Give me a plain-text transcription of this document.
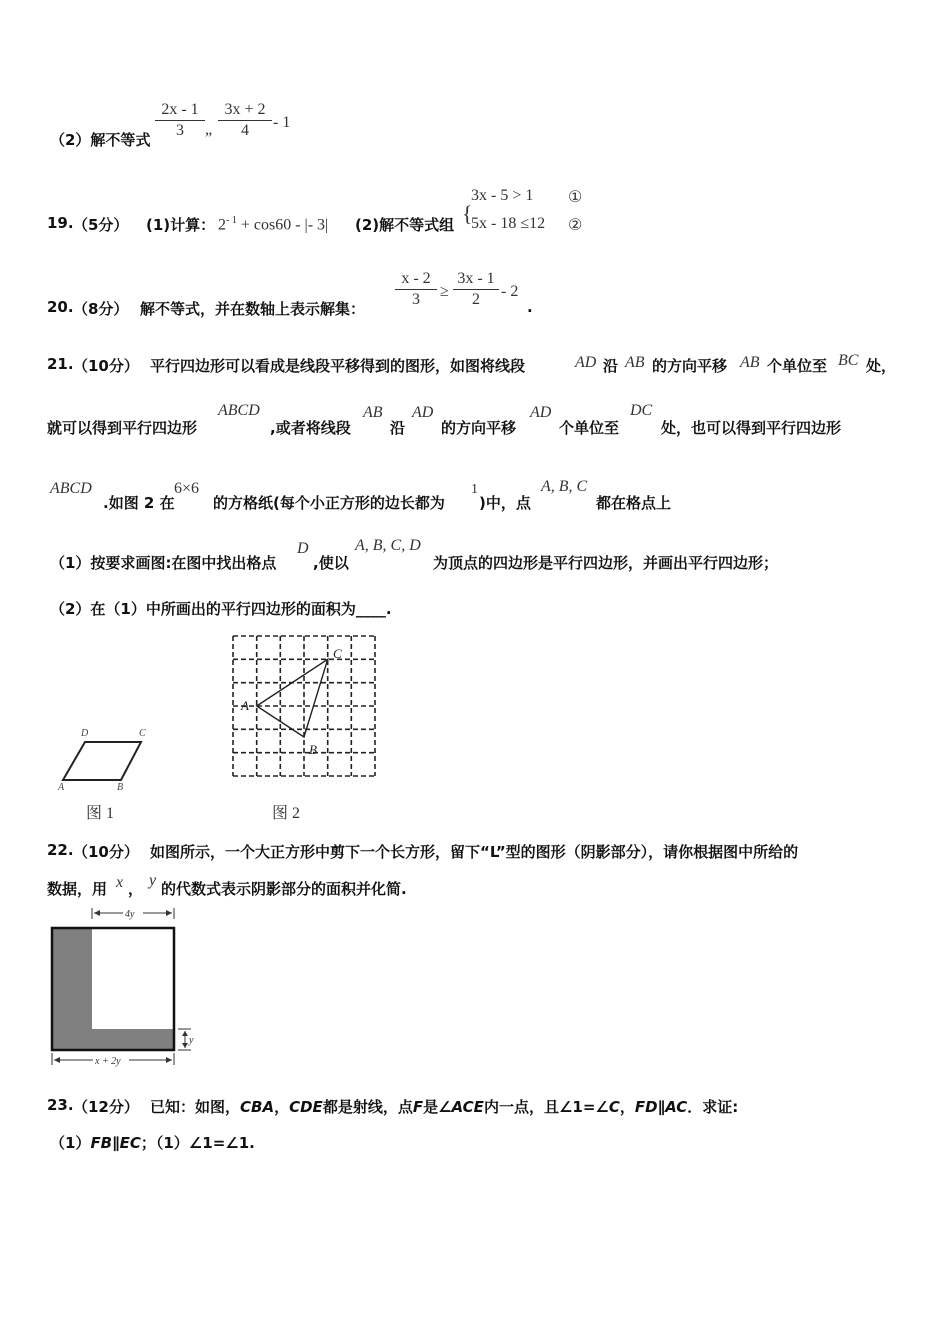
（2）解不等式
2x - 1
3	„
3x + 2
4	- 1
19. （5分） (1)计算： $2^{- 1} + \cos 60$ - |- 3| (2)解不等式组 {
3x - 5 > 1 ①
5x - 18 ≤12 ②
20. （8分） 解不等式，并在数轴上表示解集：
x - 2
3	≥
3x - 1
2	- 2
.
21. （10分） 平行四边形可以看成是线段平移得到的图形，如图将线段	AD 沿 AB 的方向平移 AB 个单位至 BC 处，
就可以得到平行四边形
ABCD
,或者将线段
AB
沿
AD
的方向平移
AD
个单位至
DC
处，也可以得到平行四边形
ABCD
.如图 2 在
6×6
的方格纸(每个小正方形的边长都为
1
)中，点
A, B, C
都在格点上
（1）按要求画图:在图中找出格点
D
,使以
A, B, C, D
为顶点的四边形是平行四边形，并画出平行四边形；
（2）在（1）中所画出的平行四边形的面积为____.
D	C
A	B
图 1
A
B
C
图 2
22. （10分） 如图所示，一个大正方形中剪下一个长方形，留下“L”型的图形（阴影部分），请你根据图中所给的
数据，用 x ， y 的代数式表示阴影部分的面积并化简.
4y
y
x + 2y
23. （12分） 已知：如图，CBA，CDE都是射线，点F是∠ACE内一点，且∠1=∠C，FD∥AC．求证:
（1）FB∥EC；（1）∠1=∠1.
